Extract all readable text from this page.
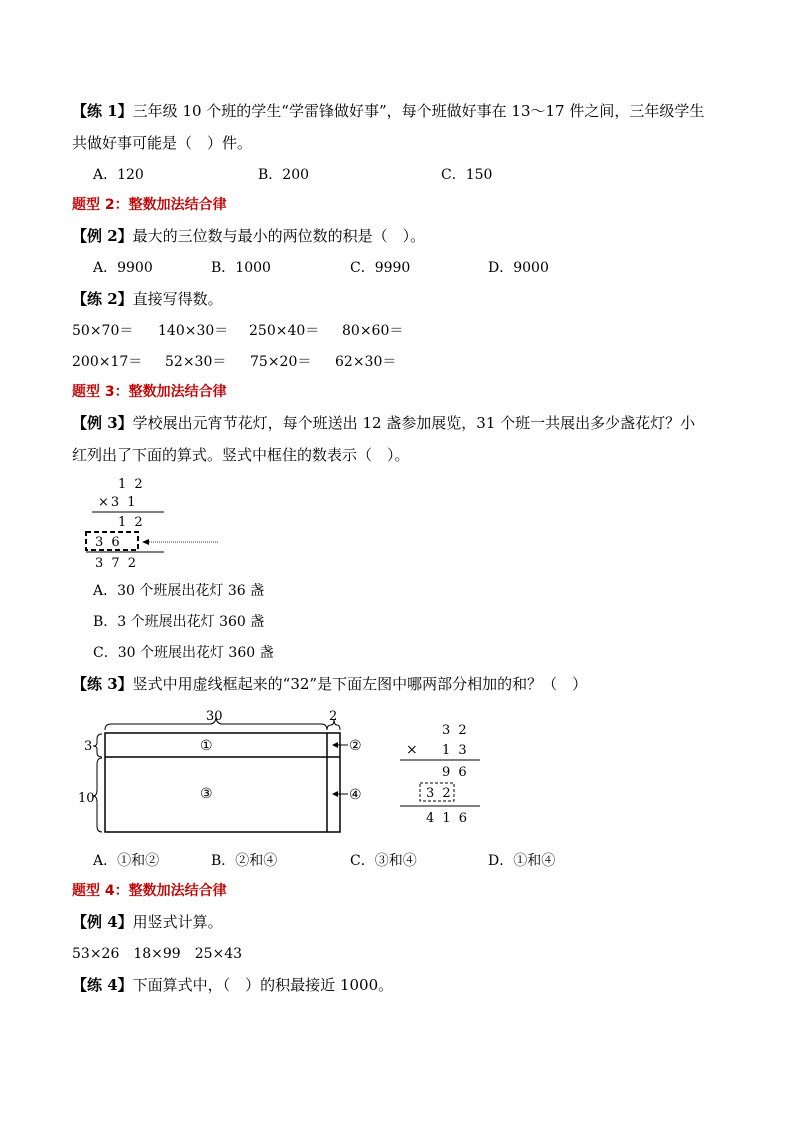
【练 1】三年级 10 个班的学生“学雷锋做好事”，每个班做好事在 13～17 件之间，三年级学生
共做好事可能是（　）件。
A．120	B．200	C．150
题型 2：整数加法结合律
【例 2】最大的三位数与最小的两位数的积是（　）。
A．9900	B．1000	C．9990	D．9000
【练 2】直接写得数。
50×70＝ 140×30＝ 250×40＝ 80×60＝
200×17＝ 52×30＝ 75×20＝ 62×30＝
题型 3：整数加法结合律
【例 3】学校展出元宵节花灯，每个班送出 12 盏参加展览，31 个班一共展出多少盏花灯？小
红列出了下面的算式。竖式中框住的数表示（　）。
1 2
×3 1
1 2
3 6
3 7 2
A．30 个班展出花灯 36 盏
B．3 个班展出花灯 360 盏
C．30 个班展出花灯 360 盏
【练 3】竖式中用虚线框起来的“32”是下面左图中哪两部分相加的和？（　）
30	2
3
10
①
③
②
④
3 2
× 1 3
9 6
3 2
4 1 6
A．①和②	B．②和④	C．③和④	D．①和④
题型 4：整数加法结合律
【例 4】用竖式计算。
53×26　18×99　25×43
【练 4】下面算式中，（　）的积最接近 1000。
